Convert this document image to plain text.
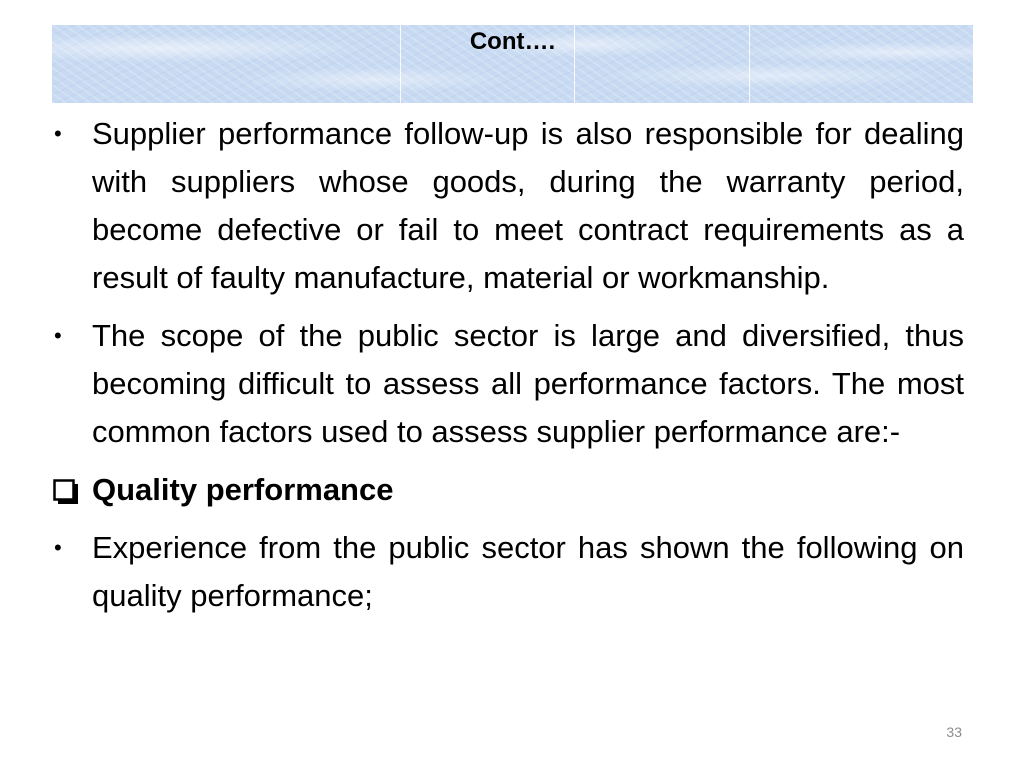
Cont….
• Supplier performance follow-up is also responsible for dealing with suppliers whose goods, during the warranty period, become defective or fail to meet contract requirements as a result of faulty manufacture, material or workmanship.
• The scope of the public sector is large and diversified, thus becoming difficult to assess all performance factors. The most common factors used to assess supplier performance are:-
Quality performance
• Experience from the public sector has shown the following on quality performance;
33
